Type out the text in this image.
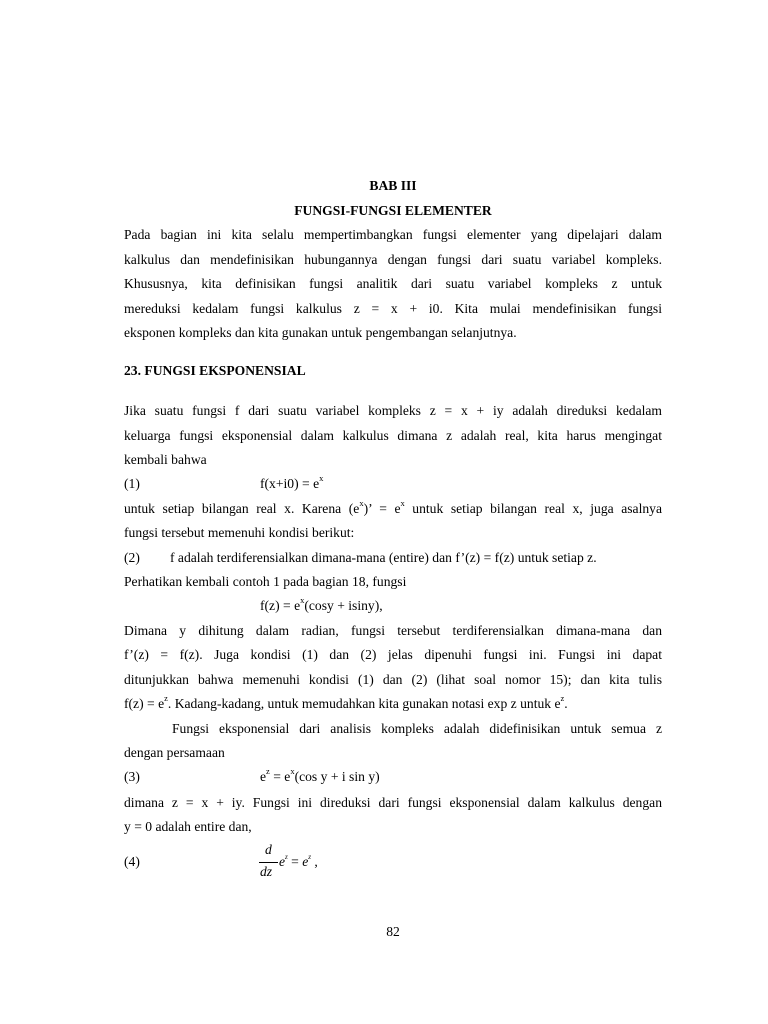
BAB III
FUNGSI-FUNGSI ELEMENTER
Pada bagian ini kita selalu mempertimbangkan fungsi elementer yang dipelajari dalam
kalkulus dan mendefinisikan hubungannya dengan fungsi dari suatu variabel kompleks.
Khususnya, kita definisikan fungsi analitik dari suatu variabel kompleks z untuk
mereduksi kedalam fungsi kalkulus z = x + i0. Kita mulai mendefinisikan fungsi
eksponen kompleks dan kita gunakan untuk pengembangan selanjutnya.
23. FUNGSI EKSPONENSIAL
Jika suatu fungsi f dari suatu variabel kompleks z = x + iy adalah direduksi kedalam
keluarga fungsi eksponensial dalam kalkulus dimana z adalah real, kita harus mengingat
kembali bahwa
(1)	$f(x+i0) = e^x$
untuk setiap bilangan real x. Karena $(e^x)$’ = $e^x$ untuk setiap bilangan real x, juga asalnya
fungsi tersebut memenuhi kondisi berikut:
(2) f adalah terdiferensialkan dimana-mana (entire) dan f’(z) = f(z) untuk setiap z.
Perhatikan kembali contoh 1 pada bagian 18, fungsi
$f(z) = e^x(\cos y + isiny)$,
Dimana y dihitung dalam radian, fungsi tersebut terdiferensialkan dimana-mana dan
f’(z) = f(z). Juga kondisi (1) dan (2) jelas dipenuhi fungsi ini. Fungsi ini dapat
ditunjukkan bahwa memenuhi kondisi (1) dan (2) (lihat soal nomor 15); dan kita tulis
$f(z) = e^z$. Kadang-kadang, untuk memudahkan kita gunakan notasi exp z untuk $e^z$.
Fungsi eksponensial dari analisis kompleks adalah didefinisikan untuk semua z
dengan persamaan
(3)	$e^z = e^x(\cos$ y + i sin y)
dimana z = x + iy. Fungsi ini direduksi dari fungsi eksponensial dalam kalkulus dengan
y = 0 adalah entire dan,
(4)
d
dz
$e^z = e^z$ ,
82
